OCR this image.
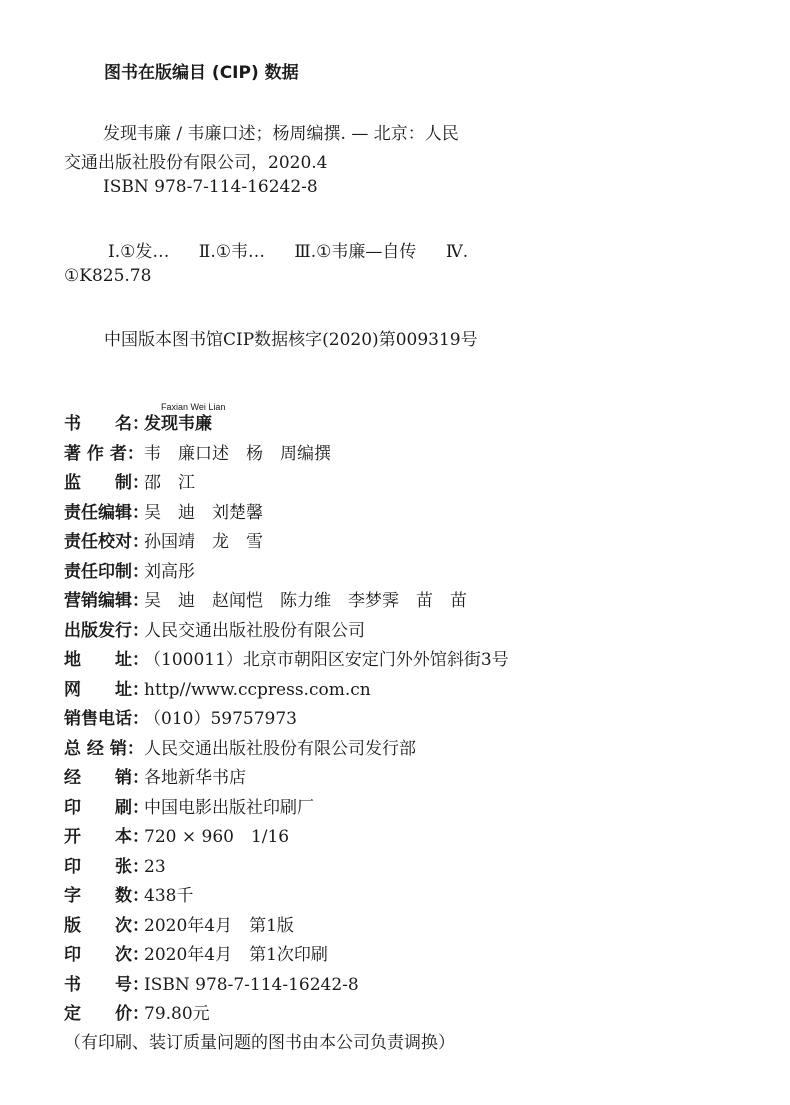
图书在版编目 (CIP) 数据
发现韦廉 / 韦廉口述；杨周编撰. — 北京：人民
交通出版社股份有限公司，2020.4
ISBN 978-7-114-16242-8
Ⅰ.①发… Ⅱ.①韦… Ⅲ.①韦廉—自传 Ⅳ.
①K825.78
中国版本图书馆CIP数据核字(2020)第009319号
Faxian Wei Lian
书　　名：
发现韦廉
著 作 者： 韦　廉口述　杨　周编撰
监　　制：
邵　江
责任编辑：
吴　迪　刘楚馨
责任校对：
孙国靖　龙　雪
责任印制：
刘高彤
营销编辑：
吴　迪　赵闻恺　陈力维　李梦霁　苗　苗
出版发行：
人民交通出版社股份有限公司
地　　址：
（100011）北京市朝阳区安定门外外馆斜街3号
网　　址：
http//www.ccpress.com.cn
销售电话：
（010）59757973
总 经 销： 人民交通出版社股份有限公司发行部
经　　销：
各地新华书店
印　　刷：
中国电影出版社印刷厂
开　　本：
720 × 960　1/16
印　　张：
23
字　　数：
438千
版　　次：
2020年4月　第1版
印　　次：
2020年4月　第1次印刷
书　　号：
ISBN 978-7-114-16242-8
定　　价：
79.80元
（有印刷、装订质量问题的图书由本公司负责调换）
